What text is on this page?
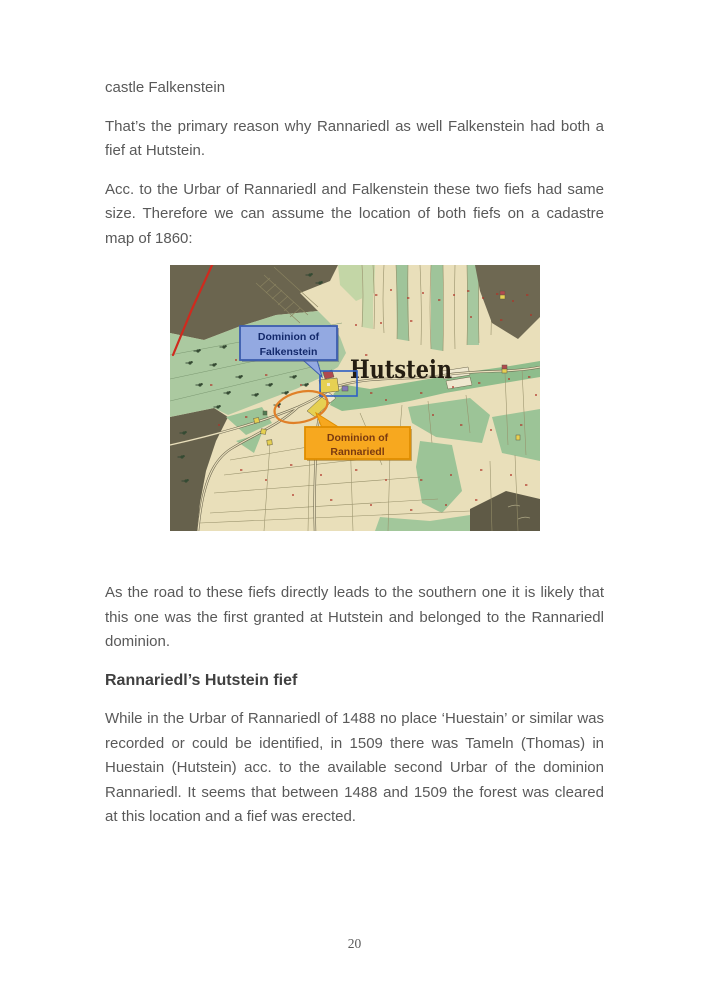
castle Falkenstein

That’s the primary reason why Rannariedl as well Falkenstein had both a fief at Hutstein.

Acc. to the Urbar of Rannariedl and Falkenstein these two fiefs had same size. Therefore we can assume the location of both fiefs on a cadastre map of 1860:

Hutstein
Dominion of
Falkenstein
Dominion of
Rannariedl

As the road to these fiefs directly leads to the southern one it is likely that this one was the first granted at Hutstein and belonged to the Rannariedl dominion.

Rannariedl’s Hutstein fief

While in the Urbar of Rannariedl of 1488 no place ‘Huestain’ or similar was recorded or could be identified, in 1509 there was Tameln (Thomas) in Huestain (Hutstein) acc. to the available second Urbar of the dominion Rannariedl. It seems that between 1488 and 1509 the forest was cleared at this location and a fief was erected.

20
